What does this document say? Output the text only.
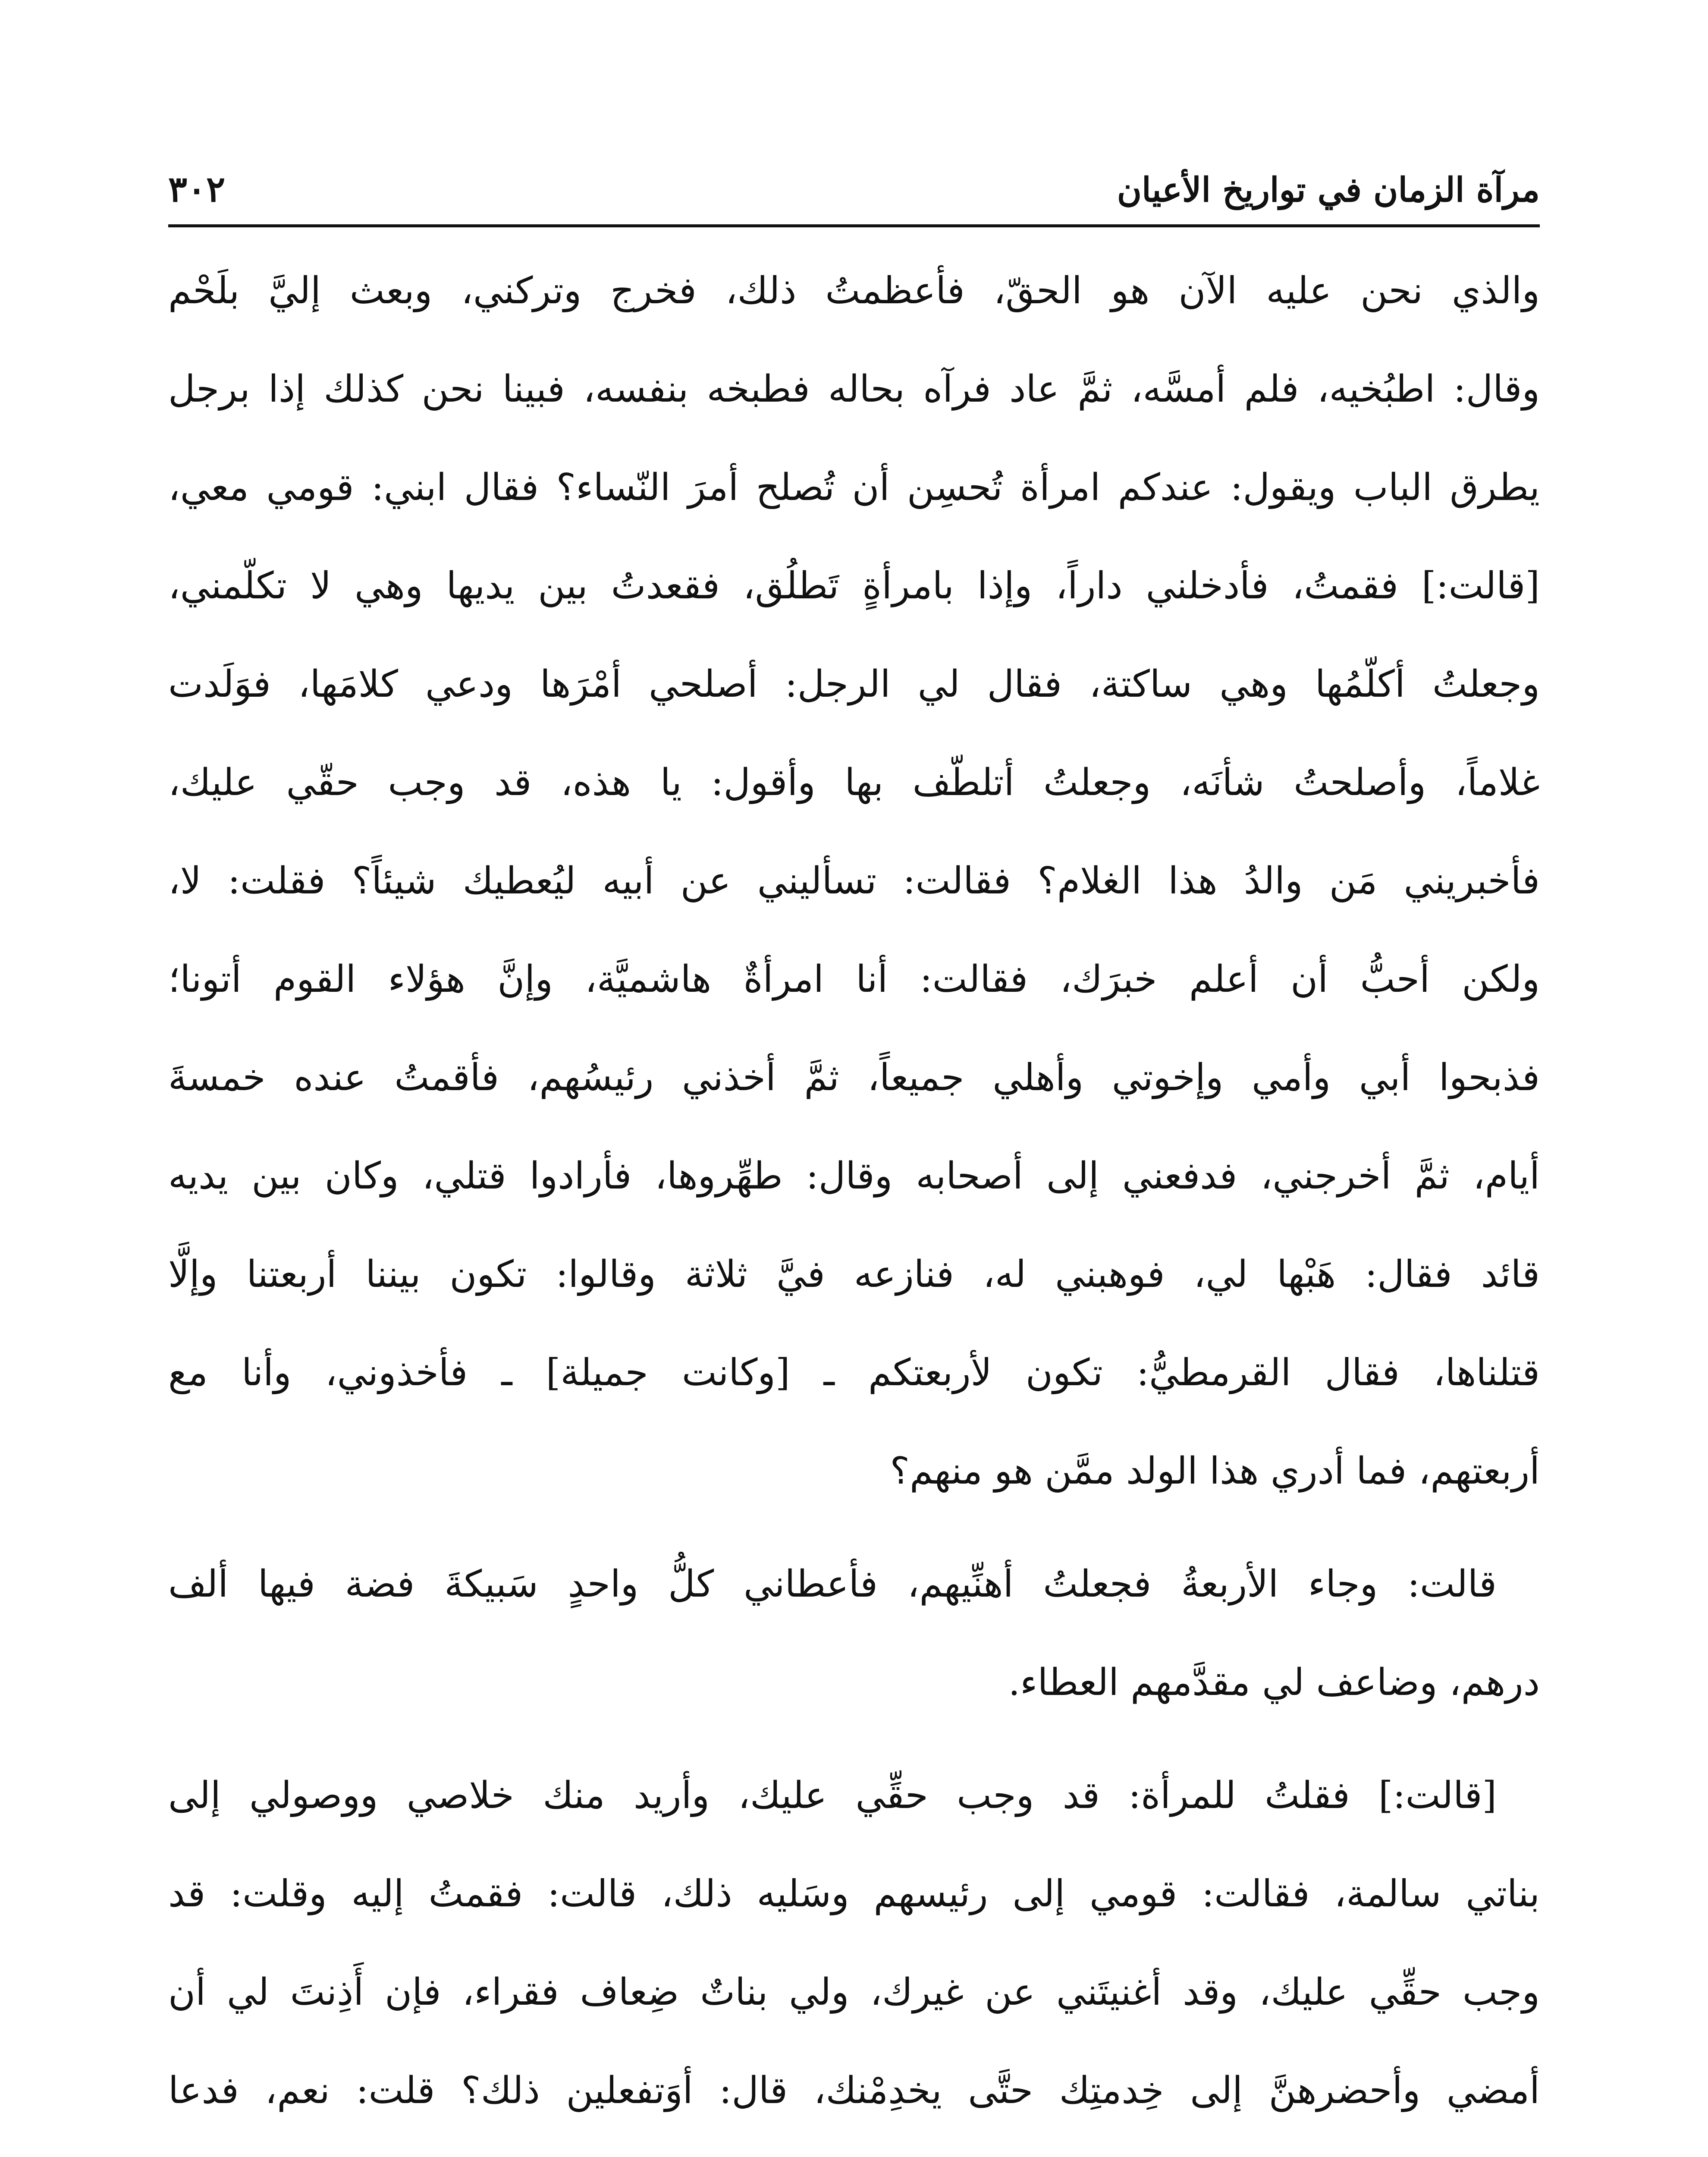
مرآة الزمان في تواريخ الأعيان
٣٠٢
والذي نحن عليه الآن هو الحقّ، فأعظمتُ ذلك، فخرج وتركني، وبعث إليَّ بلَحْم
وقال: اطبُخيه، فلم أمسَّه، ثمَّ عاد فرآه بحاله فطبخه بنفسه، فبينا نحن كذلك إذا برجل
يطرق الباب ويقول: عندكم امرأة تُحسِن أن تُصلح أمرَ النّساء؟ فقال ابني: قومي معي،
[قالت:] فقمتُ، فأدخلني داراً، وإذا بامرأةٍ تَطلُق، فقعدتُ بين يديها وهي لا تكلّمني،
وجعلتُ أكلّمُها وهي ساكتة، فقال لي الرجل: أصلحي أمْرَها ودعي كلامَها، فوَلَدت
غلاماً، وأصلحتُ شأنَه، وجعلتُ أتلطّف بها وأقول: يا هذه، قد وجب حقّي عليك،
فأخبريني مَن والدُ هذا الغلام؟ فقالت: تسأليني عن أبيه ليُعطيك شيئاً؟ فقلت: لا،
ولكن أحبُّ أن أعلم خبرَك، فقالت: أنا امرأةٌ هاشميَّة، وإنَّ هؤلاء القوم أتونا؛
فذبحوا أبي وأمي وإخوتي وأهلي جميعاً، ثمَّ أخذني رئيسُهم، فأقمتُ عنده خمسةَ
أيام، ثمَّ أخرجني، فدفعني إلى أصحابه وقال: طهِّروها، فأرادوا قتلي، وكان بين يديه
قائد فقال: هَبْها لي، فوهبني له، فنازعه فيَّ ثلاثة وقالوا: تكون بيننا أربعتنا وإلَّا
قتلناها، فقال القرمطيُّ: تكون لأربعتكم ـ [وكانت جميلة] ـ فأخذوني، وأنا مع
أربعتهم، فما أدري هذا الولد ممَّن هو منهم؟
قالت: وجاء الأربعةُ فجعلتُ أهنِّيهم، فأعطاني كلُّ واحدٍ سَبيكةَ فضة فيها ألف
درهم، وضاعف لي مقدَّمهم العطاء.
[قالت:] فقلتُ للمرأة: قد وجب حقِّي عليك، وأريد منك خلاصي ووصولي إلى
بناتي سالمة، فقالت: قومي إلى رئيسهم وسَليه ذلك، قالت: فقمتُ إليه وقلت: قد
وجب حقِّي عليك، وقد أغنيتَني عن غيرك، ولي بناتٌ ضِعاف فقراء، فإن أَذِنتَ لي أن
أمضي وأحضرهنَّ إلى خِدمتِك حتَّى يخدِمْنك، قال: أوَتفعلين ذلك؟ قلت: نعم، فدعا
